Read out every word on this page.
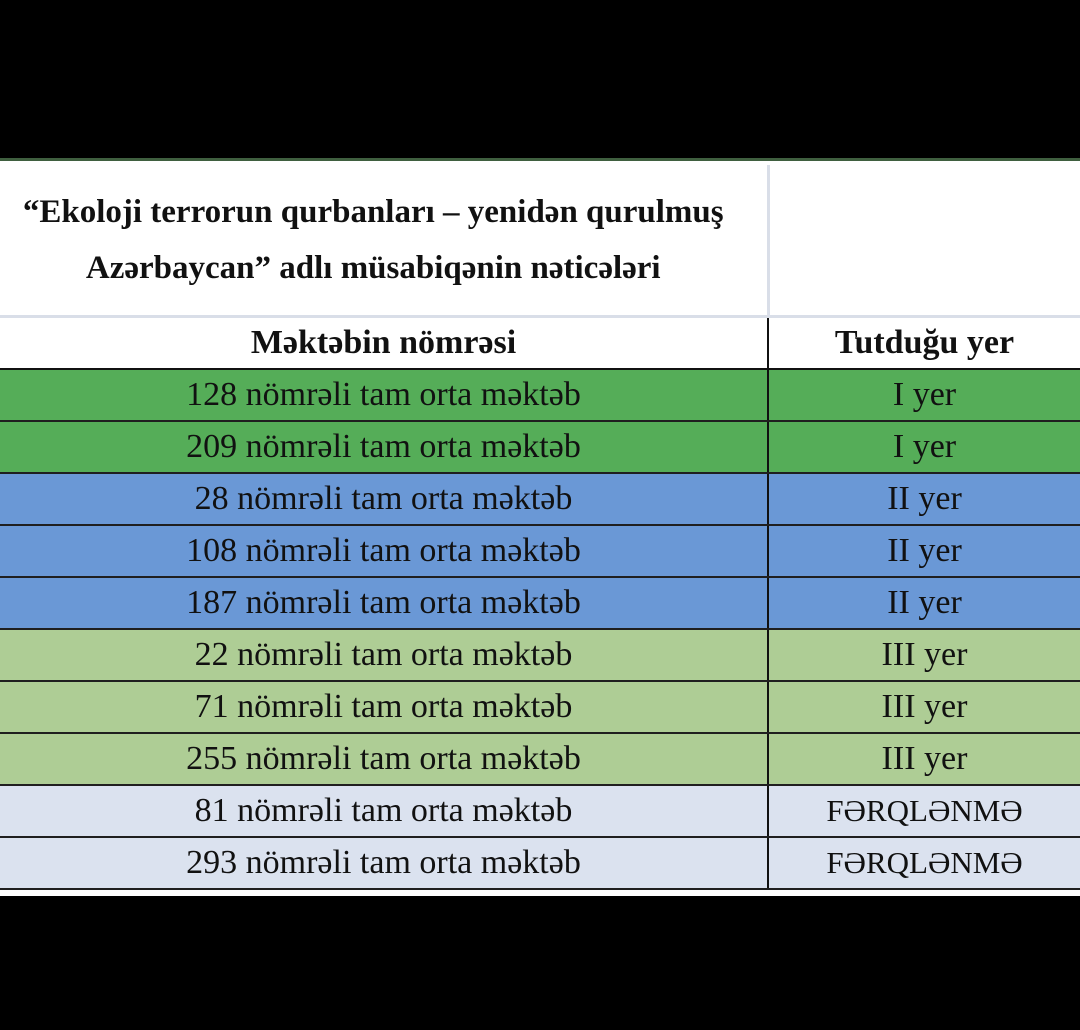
“Ekoloji terrorun qurbanları – yenidən qurulmuş Azərbaycan” adlı müsabiqənin nəticələri	
Məktəbin nömrəsi	Tutduğu yer
128 nömrəli tam orta məktəb	I yer
209 nömrəli tam orta məktəb	I yer
28 nömrəli tam orta məktəb	II yer
108 nömrəli tam orta məktəb	II yer
187 nömrəli tam orta məktəb	II yer
22 nömrəli tam orta məktəb	III yer
71 nömrəli tam orta məktəb	III yer
255 nömrəli tam orta məktəb	III yer
81 nömrəli tam orta məktəb	FƏRQLƏNMƏ
293 nömrəli tam orta məktəb	FƏRQLƏNMƏ
